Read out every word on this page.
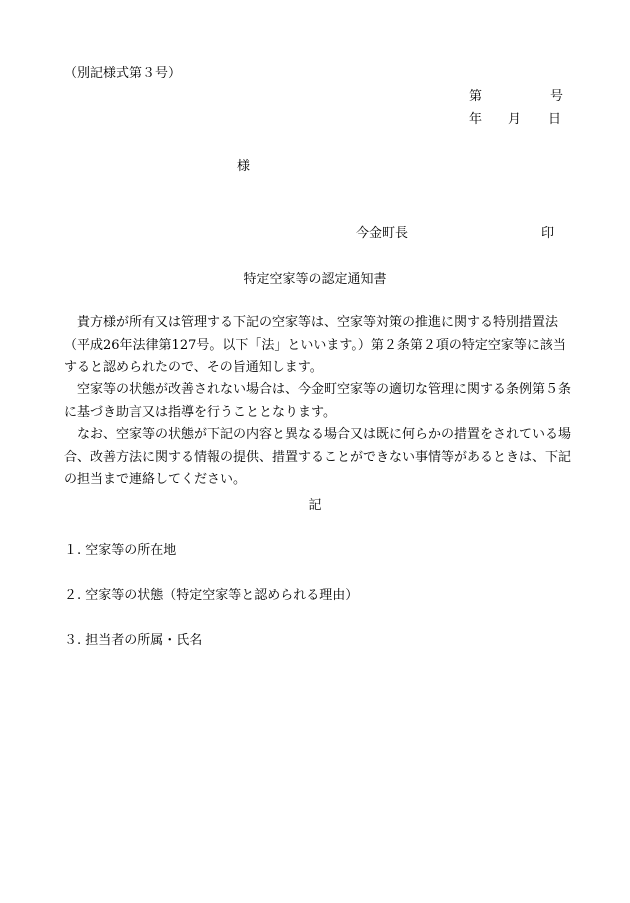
（別記様式第３号）
第	号
年 月 日
様
今金町長	印
特定空家等の認定通知書
貴方様が所有又は管理する下記の空家等は、空家等対策の推進に関する特別措置法（平成26年法律第127号。以下「法」といいます。）第２条第２項の特定空家等に該当すると認められたので、その旨通知します。
空家等の状態が改善されない場合は、今金町空家等の適切な管理に関する条例第５条に基づき助言又は指導を行うこととなります。
なお、空家等の状態が下記の内容と異なる場合又は既に何らかの措置をされている場合、改善方法に関する情報の提供、措置することができない事情等があるときは、下記の担当まで連絡してください。
記
１. 空家等の所在地
２. 空家等の状態（特定空家等と認められる理由）
３. 担当者の所属・氏名
